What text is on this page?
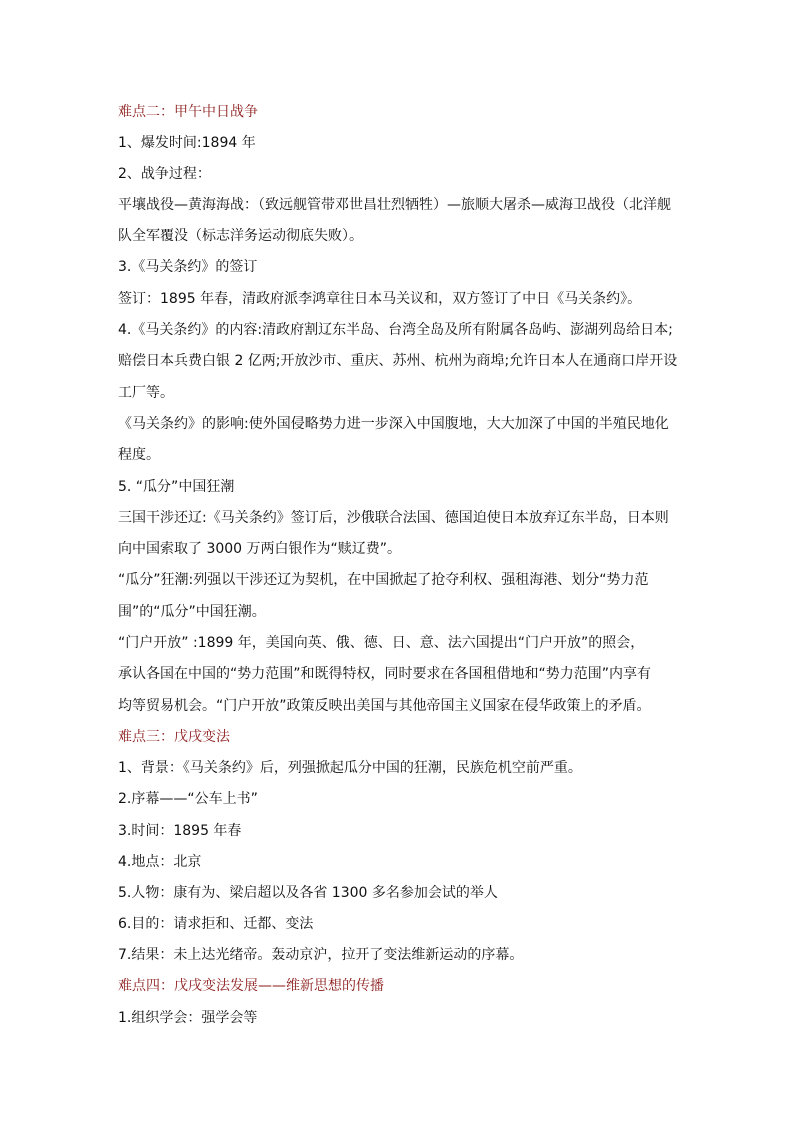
难点二：甲午中日战争
1、爆发时间:1894 年
2、战争过程：
平壤战役—黄海海战：（致远舰管带邓世昌壮烈牺牲）—旅顺大屠杀—威海卫战役（北洋舰
队全军覆没（标志洋务运动彻底失败）。
3.《马关条约》的签订
签订：1895 年春，清政府派李鸿章往日本马关议和，双方签订了中日《马关条约》。
4.《马关条约》的内容:清政府割辽东半岛、台湾全岛及所有附属各岛屿、澎湖列岛给日本;
赔偿日本兵费白银 2 亿两;开放沙市、重庆、苏州、杭州为商埠;允许日本人在通商口岸开设
工厂等。
《马关条约》的影响:使外国侵略势力进一步深入中国腹地，大大加深了中国的半殖民地化
程度。
5. “瓜分”中国狂潮
三国干涉还辽:《马关条约》签订后，沙俄联合法国、德国迫使日本放弃辽东半岛，日本则
向中国索取了 3000 万两白银作为“赎辽费”。
“瓜分”狂潮:列强以干涉还辽为契机，在中国掀起了抢夺利权、强租海港、划分“势力范
围”的“瓜分”中国狂潮。
“门户开放” :1899 年，美国向英、俄、德、日、意、法六国提出“门户开放”的照会，
承认各国在中国的“势力范围”和既得特权，同时要求在各国租借地和“势力范围”内享有
均等贸易机会。“门户开放”政策反映出美国与其他帝国主义国家在侵华政策上的矛盾。
难点三：戊戌变法
1、背景：《马关条约》后，列强掀起瓜分中国的狂潮，民族危机空前严重。
2.序幕——“公车上书”
3.时间：1895 年春
4.地点：北京
5.人物：康有为、梁启超以及各省 1300 多名参加会试的举人
6.目的：请求拒和、迁都、变法
7.结果：未上达光绪帝。轰动京沪，拉开了变法维新运动的序幕。
难点四：戊戌变法发展——维新思想的传播
1.组织学会：强学会等
